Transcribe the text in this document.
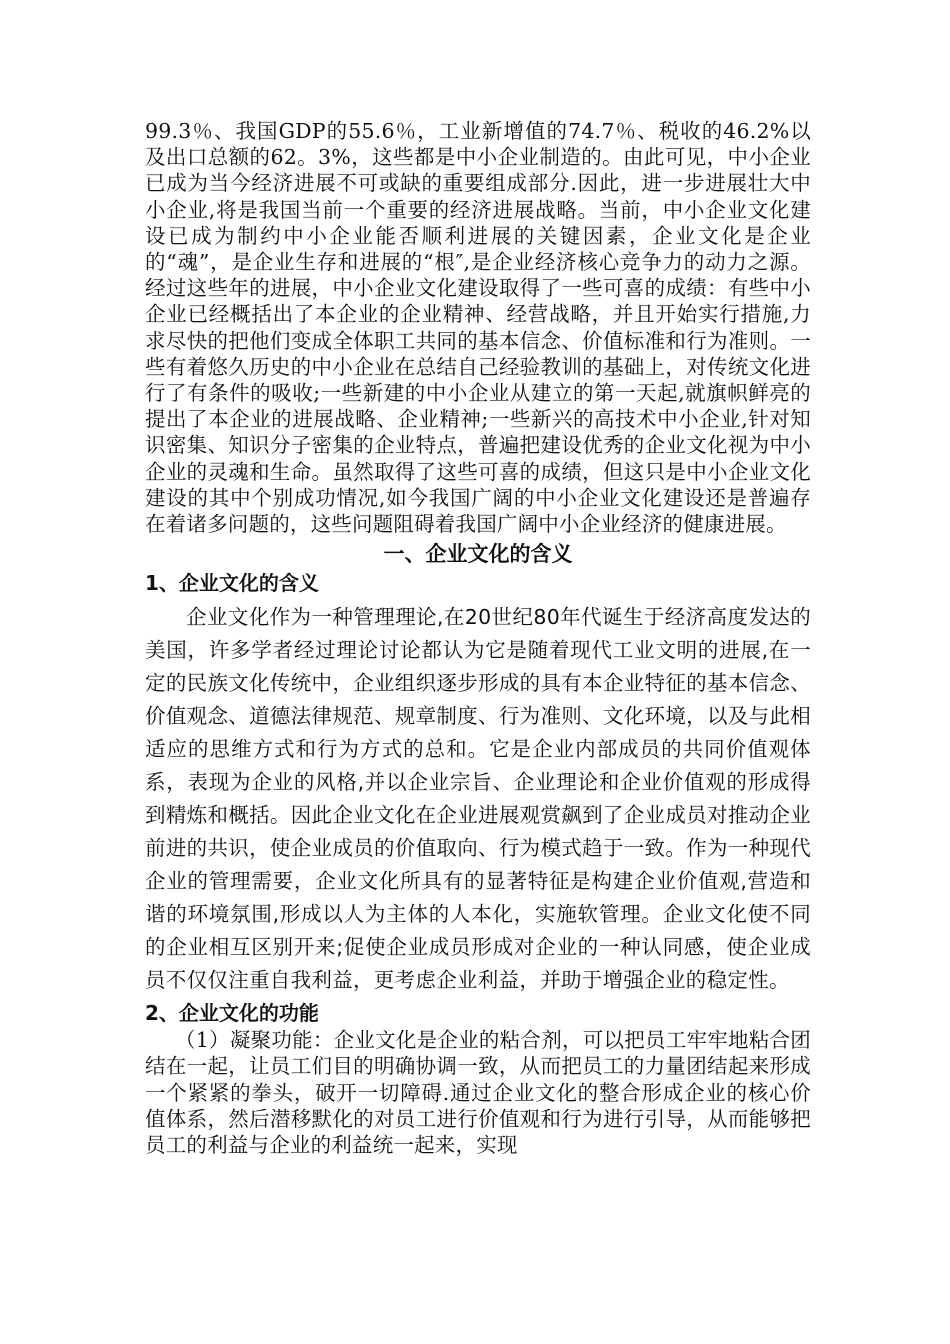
99.3％、我国GDP的55.6％，工业新增值的74.7％、税收的46.2%以及出口总额的62。3%，这些都是中小企业制造的。由此可见，中小企业已成为当今经济进展不可或缺的重要组成部分.因此，进一步进展壮大中小企业,将是我国当前一个重要的经济进展战略。当前，中小企业文化建设已成为制约中小企业能否顺利进展的关键因素，企业文化是企业的“魂”，是企业生存和进展的“根″,是企业经济核心竞争力的动力之源。经过这些年的进展，中小企业文化建设取得了一些可喜的成绩：有些中小企业已经概括出了本企业的企业精神、经营战略，并且开始实行措施,力求尽快的把他们变成全体职工共同的基本信念、价值标准和行为准则。一些有着悠久历史的中小企业在总结自己经验教训的基础上，对传统文化进行了有条件的吸收;一些新建的中小企业从建立的第一天起,就旗帜鲜亮的提出了本企业的进展战略、企业精神;一些新兴的高技术中小企业,针对知识密集、知识分子密集的企业特点，普遍把建设优秀的企业文化视为中小企业的灵魂和生命。虽然取得了这些可喜的成绩，但这只是中小企业文化建设的其中个别成功情况,如今我国广阔的中小企业文化建设还是普遍存在着诸多问题的，这些问题阻碍着我国广阔中小企业经济的健康进展。

一、企业文化的含义
1、企业文化的含义

企业文化作为一种管理理论,在20世纪80年代诞生于经济高度发达的美国，许多学者经过理论讨论都认为它是随着现代工业文明的进展,在一定的民族文化传统中，企业组织逐步形成的具有本企业特征的基本信念、价值观念、道德法律规范、规章制度、行为准则、文化环境，以及与此相适应的思维方式和行为方式的总和。它是企业内部成员的共同价值观体系，表现为企业的风格,并以企业宗旨、企业理论和企业价值观的形成得到精炼和概括。因此企业文化在企业进展观赏飙到了企业成员对推动企业前进的共识，使企业成员的价值取向、行为模式趋于一致。作为一种现代企业的管理需要，企业文化所具有的显著特征是构建企业价值观,营造和谐的环境氛围,形成以人为主体的人本化，实施软管理。企业文化使不同的企业相互区别开来;促使企业成员形成对企业的一种认同感，使企业成员不仅仅注重自我利益，更考虑企业利益，并助于增强企业的稳定性。

2、企业文化的功能

（1）凝聚功能：企业文化是企业的粘合剂，可以把员工牢牢地粘合团结在一起，让员工们目的明确协调一致，从而把员工的力量团结起来形成一个紧紧的拳头，破开一切障碍.通过企业文化的整合形成企业的核心价值体系，然后潜移默化的对员工进行价值观和行为进行引导，从而能够把员工的利益与企业的利益统一起来，实现
